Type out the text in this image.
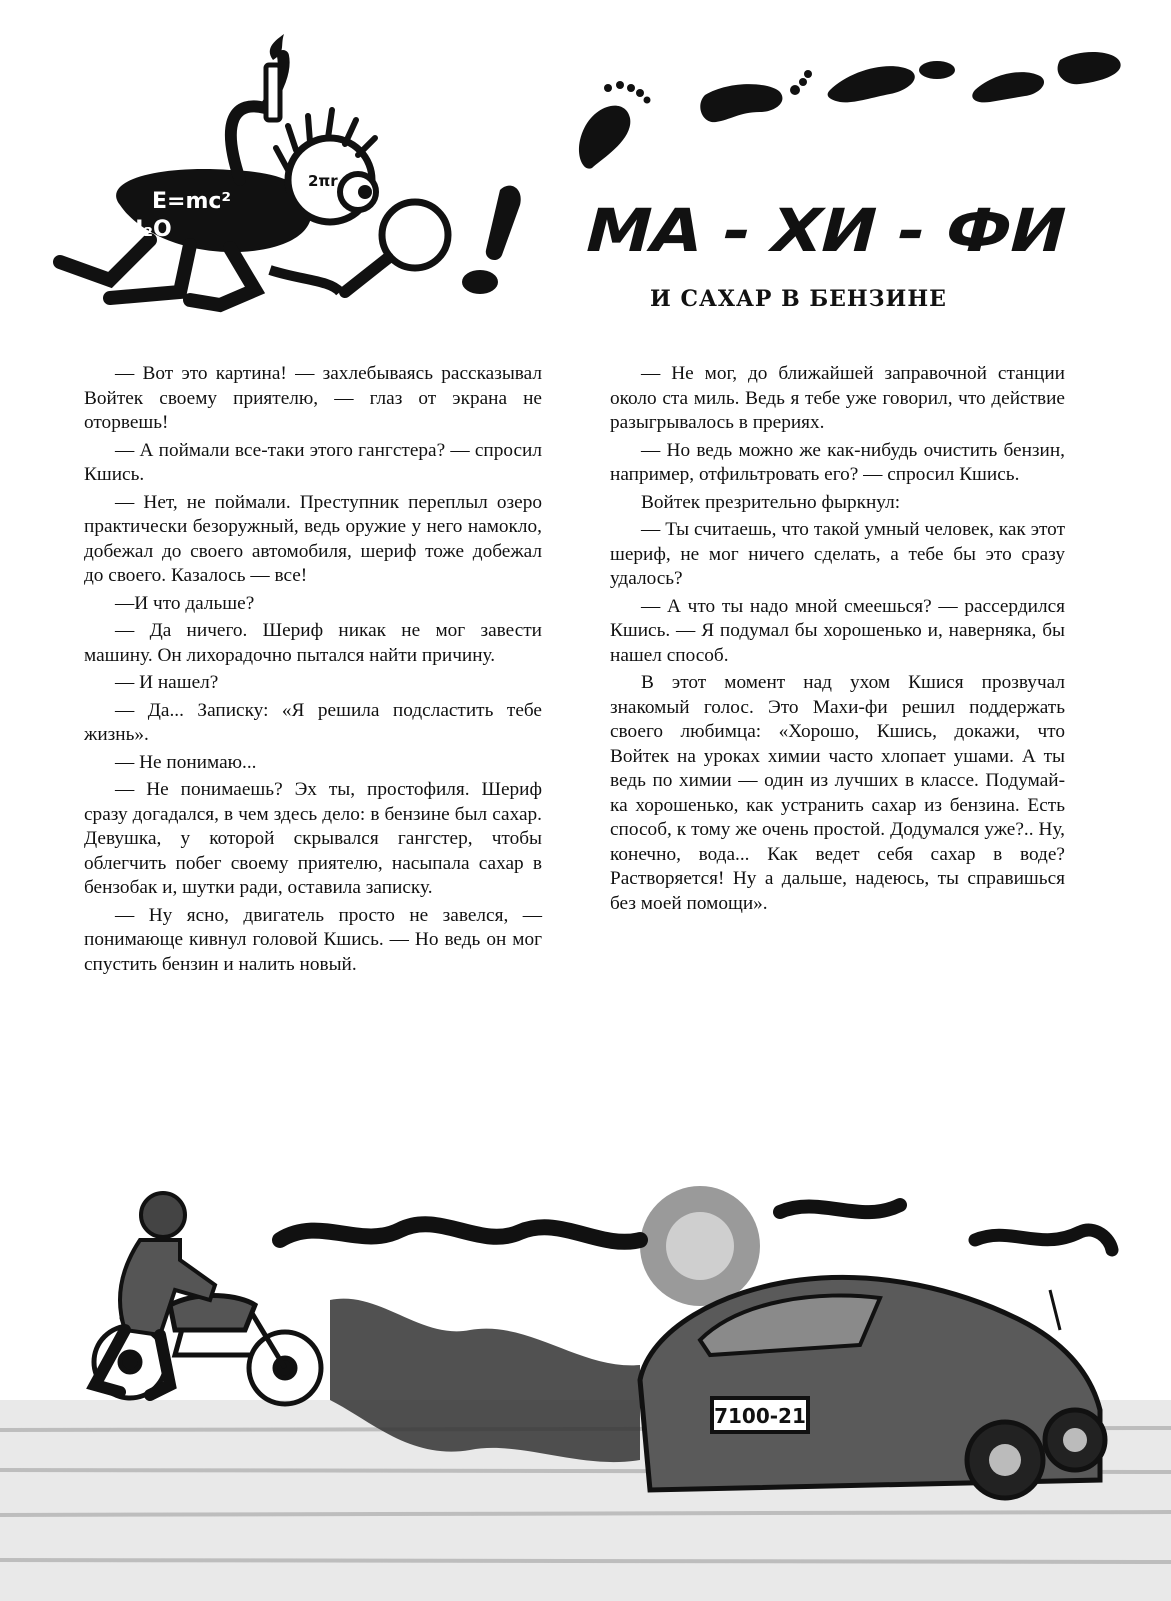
E=mc²
H₂O
2πr
МА - ХИ - ФИ
И САХАР В БЕНЗИНЕ

— Вот это картина! — захлебываясь рассказывал Войтек своему приятелю, — глаз от экрана не оторвешь!

— А поймали все-таки этого гангстера? — спросил Кшись.

— Нет, не поймали. Преступник переплыл озеро практически безоружный, ведь оружие у него намокло, добежал до своего автомобиля, шериф тоже добежал до своего. Казалось — все!

—И что дальше?

— Да ничего. Шериф никак не мог завести машину. Он лихорадочно пытался найти причину.

— И нашел?

— Да... Записку: «Я решила подсластить тебе жизнь».

— Не понимаю...

— Не понимаешь? Эх ты, простофиля. Шериф сразу догадался, в чем здесь дело: в бензине был сахар. Девушка, у которой скрывался гангстер, чтобы облегчить побег своему приятелю, насыпала сахар в бензобак и, шутки ради, оставила записку.

— Ну ясно, двигатель просто не завелся, — понимающе кивнул головой Кшись. — Но ведь он мог спустить бензин и налить новый.

— Не мог, до ближайшей заправочной станции около ста миль. Ведь я тебе уже говорил, что действие разыгрывалось в прериях.

— Но ведь можно же как-нибудь очистить бензин, например, отфильтровать его? — спросил Кшись.

Войтек презрительно фыркнул:

— Ты считаешь, что такой умный человек, как этот шериф, не мог ничего сделать, а тебе бы это сразу удалось?

— А что ты надо мной смеешься? — рассердился Кшись. — Я подумал бы хорошенько и, наверняка, бы нашел способ.

В этот момент над ухом Кшися прозвучал знакомый голос. Это Махи-фи решил поддержать своего любимца: «Хорошо, Кшись, докажи, что Войтек на уроках химии часто хлопает ушами. А ты ведь по химии — один из лучших в классе. Подумай-ка хорошенько, как устранить сахар из бензина. Есть способ, к тому же очень простой. Додумался уже?.. Ну, конечно, вода... Как ведет себя сахар в воде? Растворяется! Ну а дальше, надеюсь, ты справишься без моей помощи».

7100-21
